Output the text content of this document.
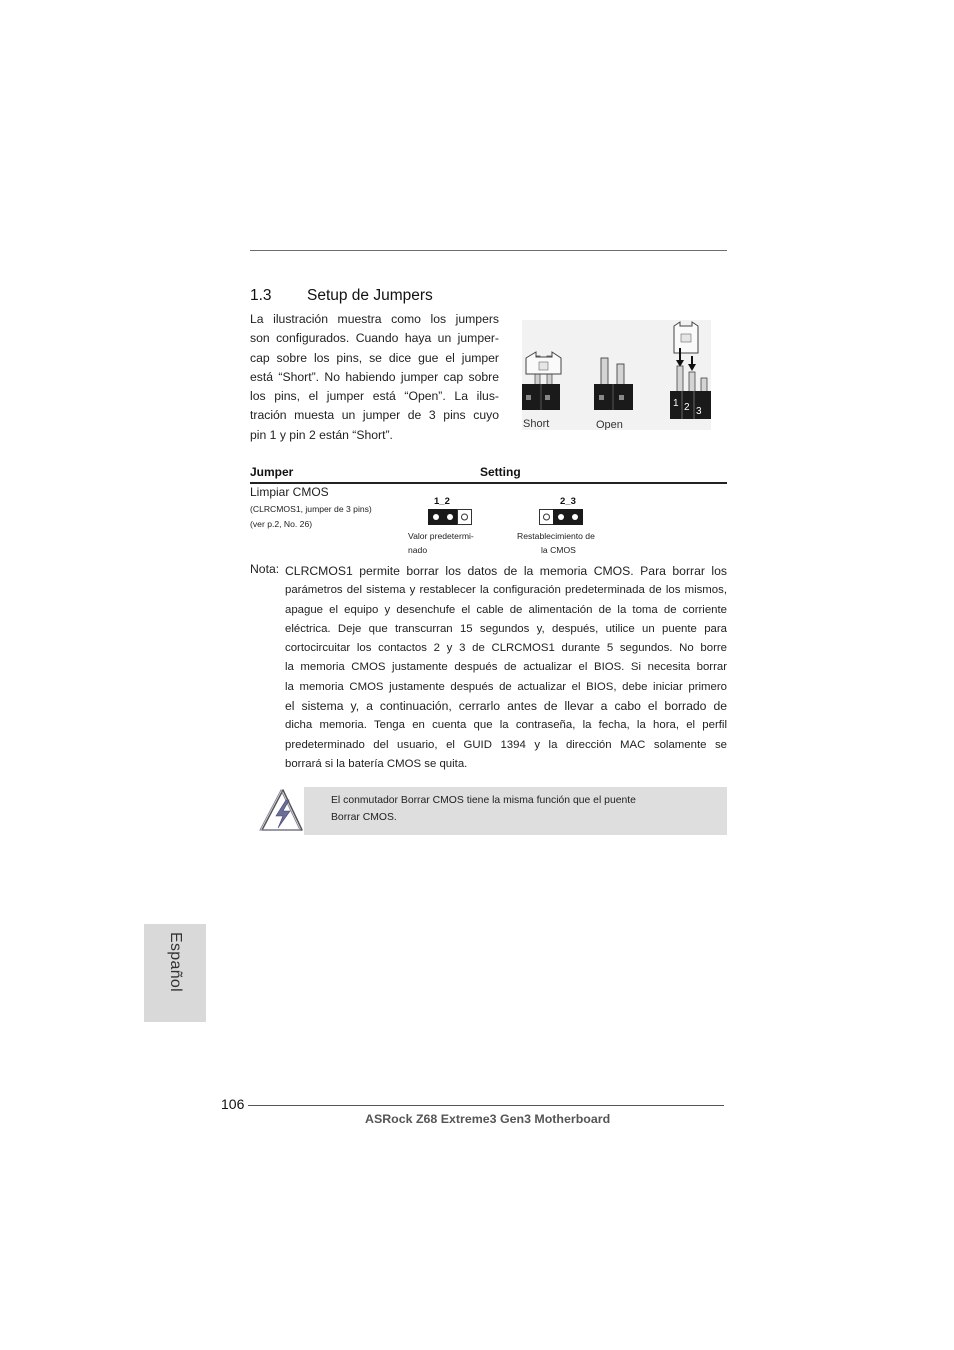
1.3 Setup de Jumpers
La ilustración muestra como los jumpers
son configurados. Cuando haya un jumper-
cap sobre los pins, se dice gue el jumper
está “Short”. No habiendo jumper cap sobre
los pins, el jumper está “Open”. La ilus-
tración muesta un jumper de 3 pins cuyo
pin 1 y pin 2 están “Short”.
1 2 3
Short	Open
Jumper	Setting
Limpiar CMOS
(CLRCMOS1, jumper de 3 pins)
(ver p.2, No. 26)
1_2
Valor predetermi-
nado
2_3
Restablecimiento de
la CMOS
Nota: CLRCMOS1 permite borrar los datos de la memoria CMOS. Para borrar los
parámetros del sistema y restablecer la configuración predeterminada de los mismos,
apague el equipo y desenchufe el cable de alimentación de la toma de corriente
eléctrica. Deje que transcurran 15 segundos y, después, utilice un puente para
cortocircuitar los contactos 2 y 3 de CLRCMOS1 durante 5 segundos. No borre
la memoria CMOS justamente después de actualizar el BIOS. Si necesita borrar
la memoria CMOS justamente después de actualizar el BIOS, debe iniciar primero
el sistema y, a continuación, cerrarlo antes de llevar a cabo el borrado de
dicha memoria. Tenga en cuenta que la contraseña, la fecha, la hora, el perfil
predeterminado del usuario, el GUID 1394 y la dirección MAC solamente se
borrará si la batería CMOS se quita.
El conmutador Borrar CMOS tiene la misma función que el puente
Borrar CMOS.
Español
106
ASRock Z68 Extreme3 Gen3 Motherboard
